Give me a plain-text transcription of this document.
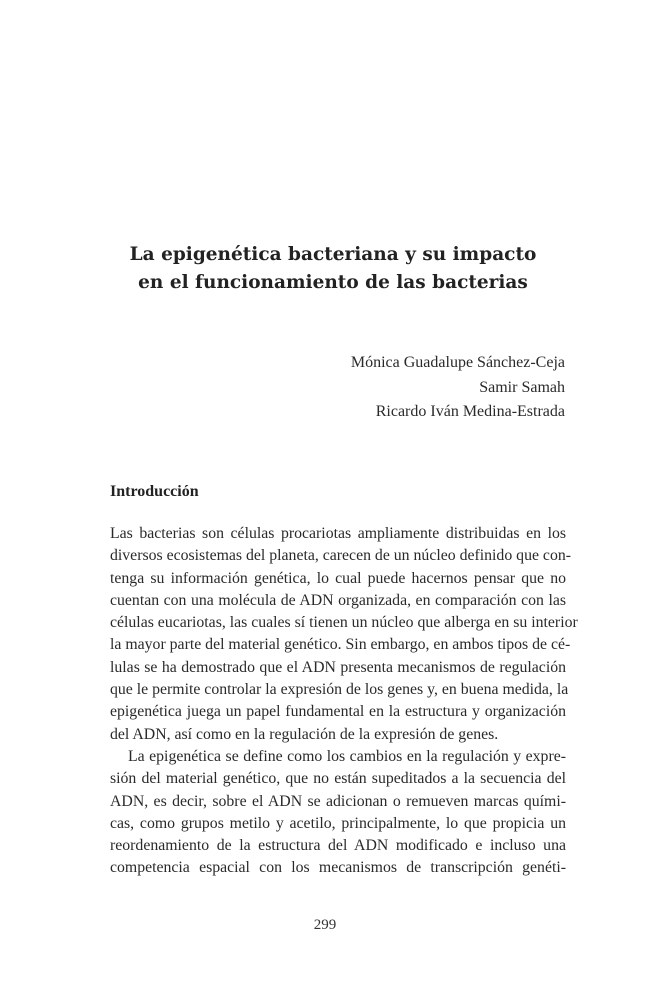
La epigenética bacteriana y su impacto
en el funcionamiento de las bacterias
Mónica Guadalupe Sánchez-Ceja
Samir Samah
Ricardo Iván Medina-Estrada
Introducción
Las bacterias son células procariotas ampliamente distribuidas en los
diversos ecosistemas del planeta, carecen de un núcleo definido que con-
tenga su información genética, lo cual puede hacernos pensar que no
cuentan con una molécula de ADN organizada, en comparación con las
células eucariotas, las cuales sí tienen un núcleo que alberga en su interior
la mayor parte del material genético. Sin embargo, en ambos tipos de cé-
lulas se ha demostrado que el ADN presenta mecanismos de regulación
que le permite controlar la expresión de los genes y, en buena medida, la
epigenética juega un papel fundamental en la estructura y organización
del ADN, así como en la regulación de la expresión de genes.
La epigenética se define como los cambios en la regulación y expre-
sión del material genético, que no están supeditados a la secuencia del
ADN, es decir, sobre el ADN se adicionan o remueven marcas quími-
cas, como grupos metilo y acetilo, principalmente, lo que propicia un
reordenamiento de la estructura del ADN modificado e incluso una
competencia espacial con los mecanismos de transcripción genéti-
299
